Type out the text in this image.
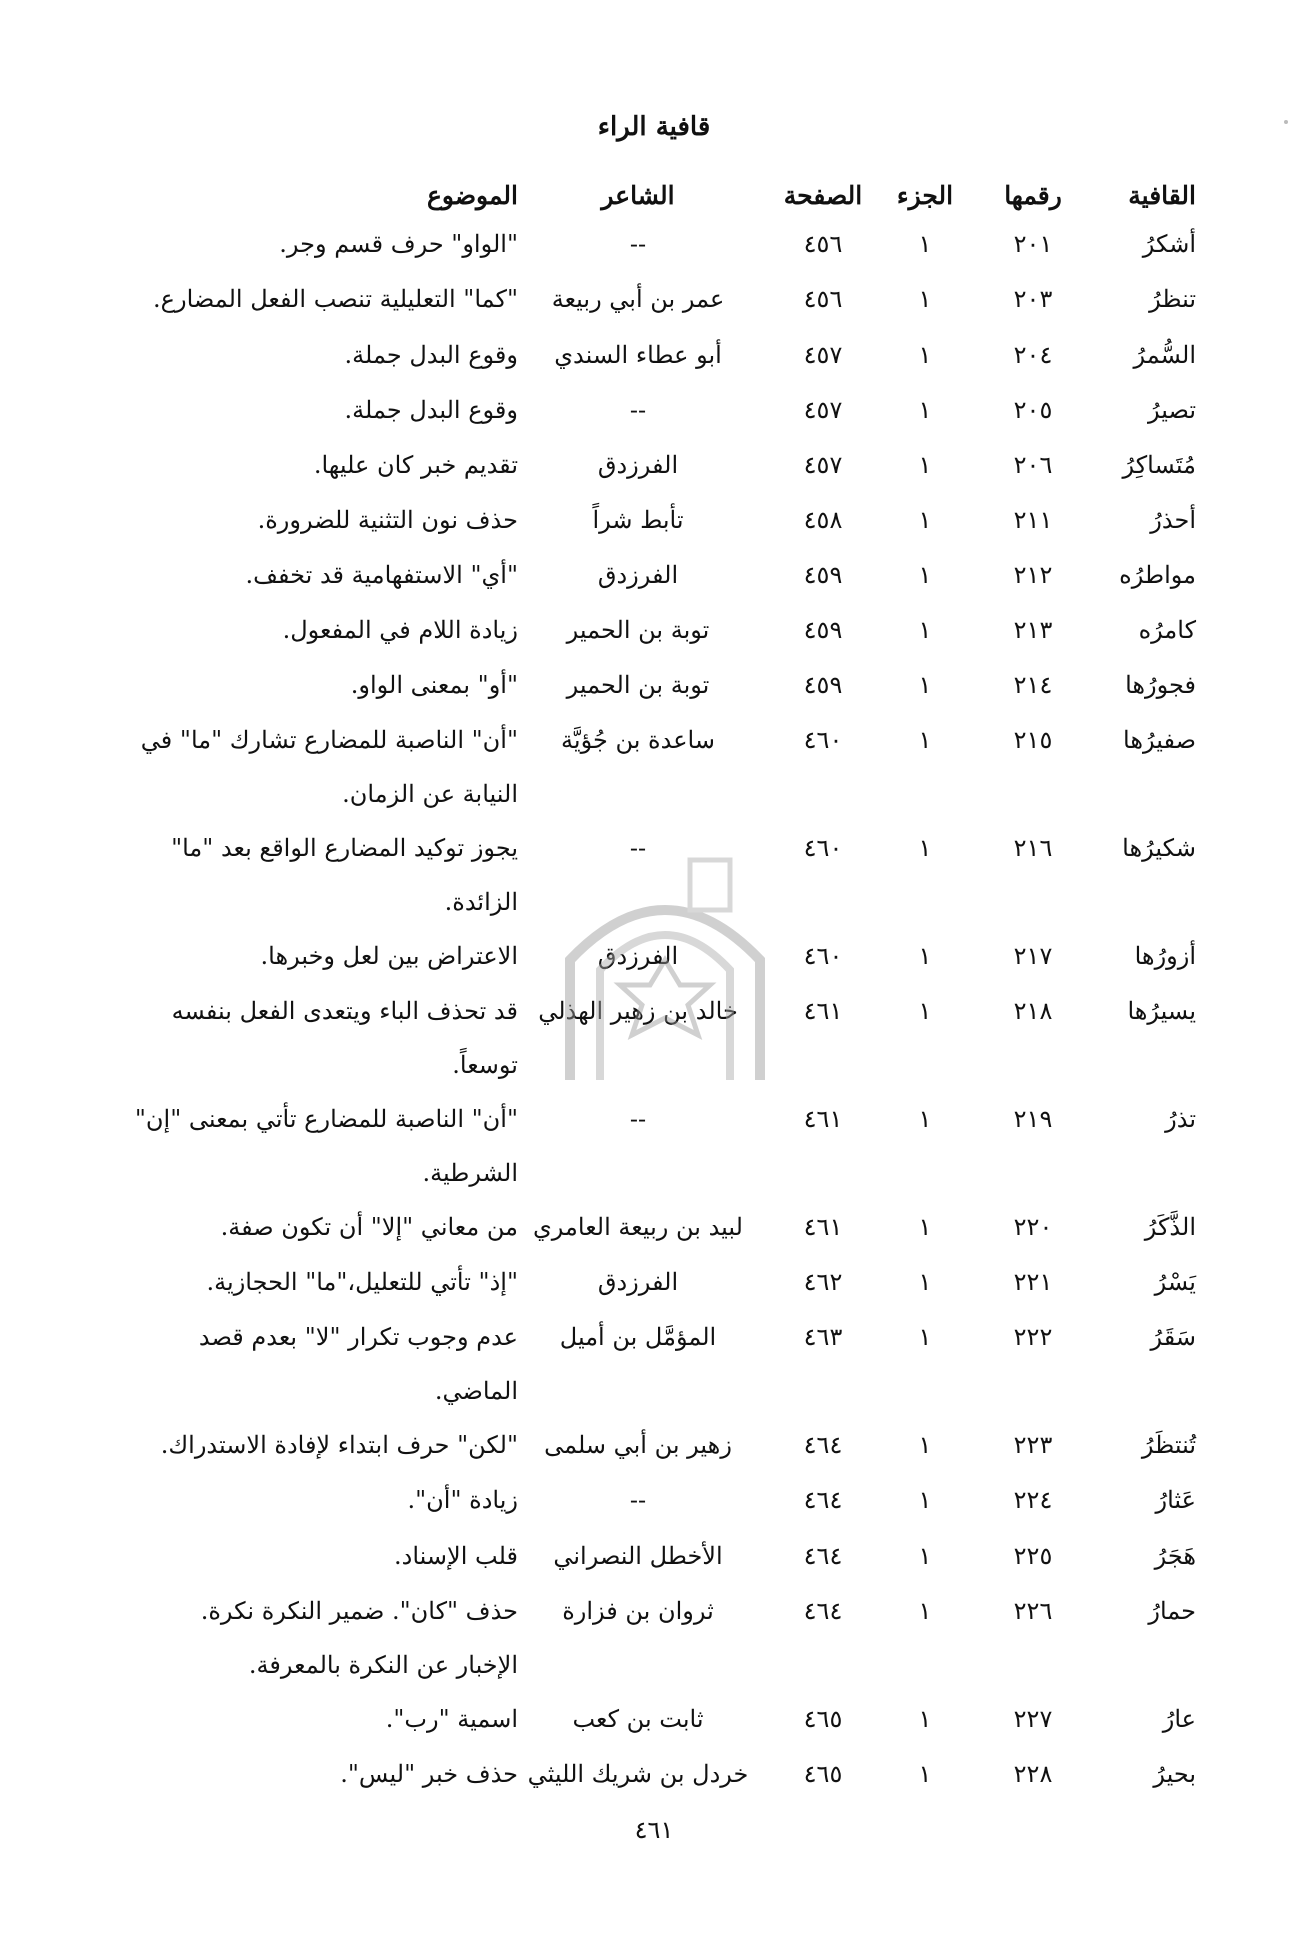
قافية الراء
القافية
رقمها
الجزء
الصفحة
الشاعر
الموضوع
أشكرُ
٢٠١
١
٤٥٦
--
"الواو" حرف قسم وجر.
تنظرُ
٢٠٣
١
٤٥٦
عمر بن أبي ربيعة
"كما" التعليلية تنصب الفعل المضارع.
السُّمرُ
٢٠٤
١
٤٥٧
أبو عطاء السندي
وقوع البدل جملة.
تصيرُ
٢٠٥
١
٤٥٧
--
وقوع البدل جملة.
مُتَساكِرُ
٢٠٦
١
٤٥٧
الفرزدق
تقديم خبر كان عليها.
أحذرُ
٢١١
١
٤٥٨
تأبط شراً
حذف نون التثنية للضرورة.
مواطرُه
٢١٢
١
٤٥٩
الفرزدق
"أي" الاستفهامية قد تخفف.
كامرُه
٢١٣
١
٤٥٩
توبة بن الحمير
زيادة اللام في المفعول.
فجورُها
٢١٤
١
٤٥٩
توبة بن الحمير
"أو" بمعنى الواو.
صفيرُها
٢١٥
١
٤٦٠
ساعدة بن جُؤيَّة
"أن" الناصبة للمضارع تشارك "ما" في
النيابة عن الزمان.
شكيرُها
٢١٦
١
٤٦٠
--
يجوز توكيد المضارع الواقع بعد "ما"
الزائدة.
أزورُها
٢١٧
١
٤٦٠
الفرزدق
الاعتراض بين لعل وخبرها.
يسيرُها
٢١٨
١
٤٦١
خالد بن زهير الهذلي
قد تحذف الباء ويتعدى الفعل بنفسه
توسعاً.
تذرُ
٢١٩
١
٤٦١
--
"أن" الناصبة للمضارع تأتي بمعنى "إن"
الشرطية.
الذَّكَرُ
٢٢٠
١
٤٦١
لبيد بن ربيعة العامري
من معاني "إلا" أن تكون صفة.
يَسْرُ
٢٢١
١
٤٦٢
الفرزدق
"إذ" تأتي للتعليل،"ما" الحجازية.
سَقَرُ
٢٢٢
١
٤٦٣
المؤمَّل بن أميل
عدم وجوب تكرار "لا" بعدم قصد
الماضي.
تُنتظَرُ
٢٢٣
١
٤٦٤
زهير بن أبي سلمى
"لكن" حرف ابتداء لإفادة الاستدراك.
عَثارُ
٢٢٤
١
٤٦٤
--
زيادة "أن".
هَجَرُ
٢٢٥
١
٤٦٤
الأخطل النصراني
قلب الإسناد.
حمارُ
٢٢٦
١
٤٦٤
ثروان بن فزارة
حذف "كان". ضمير النكرة نكرة.
الإخبار عن النكرة بالمعرفة.
عارُ
٢٢٧
١
٤٦٥
ثابت بن كعب
اسمية "رب".
بحيرُ
٢٢٨
١
٤٦٥
خردل بن شريك الليثي
حذف خبر "ليس".
٤٦١
